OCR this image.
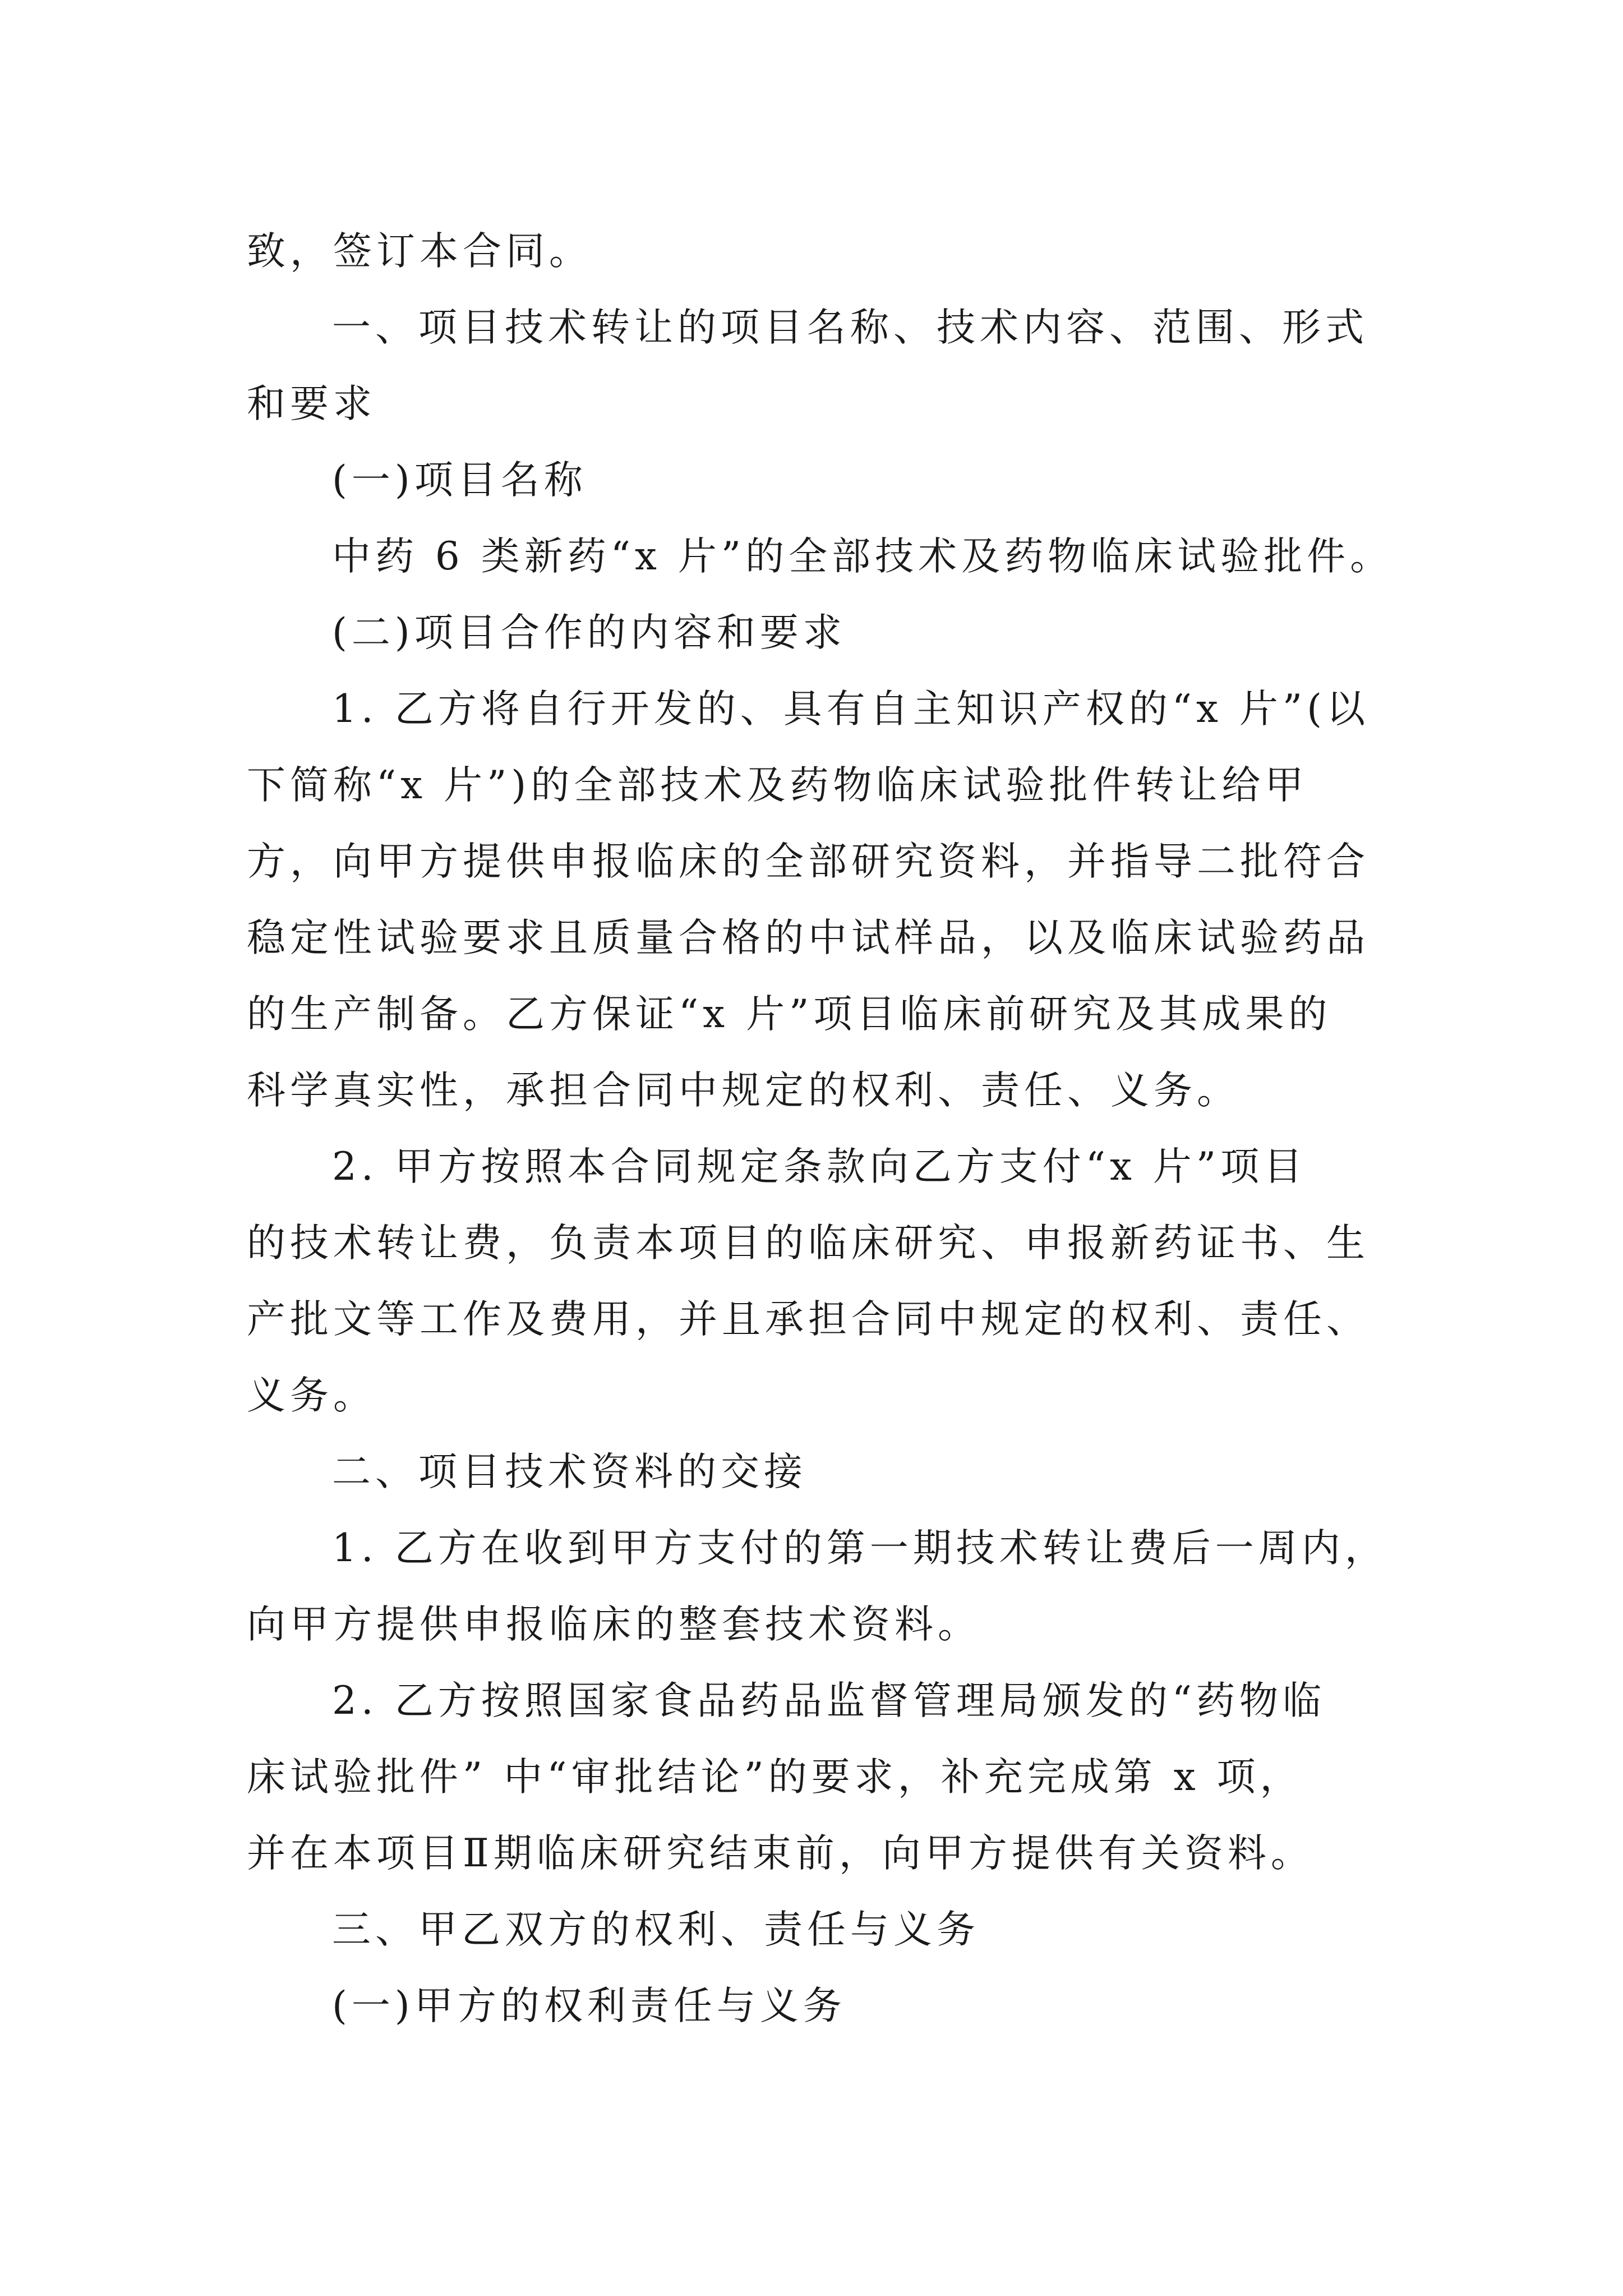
致，签订本合同。
一、项目技术转让的项目名称、技术内容、范围、形式
和要求
(一)项目名称
中药 6 类新药“x 片”的全部技术及药物临床试验批件。
(二)项目合作的内容和要求
1. 乙方将自行开发的、具有自主知识产权的“x 片”(以
下简称“x 片”)的全部技术及药物临床试验批件转让给甲
方，向甲方提供申报临床的全部研究资料，并指导二批符合
稳定性试验要求且质量合格的中试样品，以及临床试验药品
的生产制备。乙方保证“x 片”项目临床前研究及其成果的
科学真实性，承担合同中规定的权利、责任、义务。
2. 甲方按照本合同规定条款向乙方支付“x 片”项目
的技术转让费，负责本项目的临床研究、申报新药证书、生
产批文等工作及费用，并且承担合同中规定的权利、责任、
义务。
二、项目技术资料的交接
1. 乙方在收到甲方支付的第一期技术转让费后一周内，
向甲方提供申报临床的整套技术资料。
2. 乙方按照国家食品药品监督管理局颁发的“药物临
床试验批件” 中“审批结论”的要求，补充完成第 x 项，
并在本项目Ⅱ期临床研究结束前，向甲方提供有关资料。
三、甲乙双方的权利、责任与义务
(一)甲方的权利责任与义务
